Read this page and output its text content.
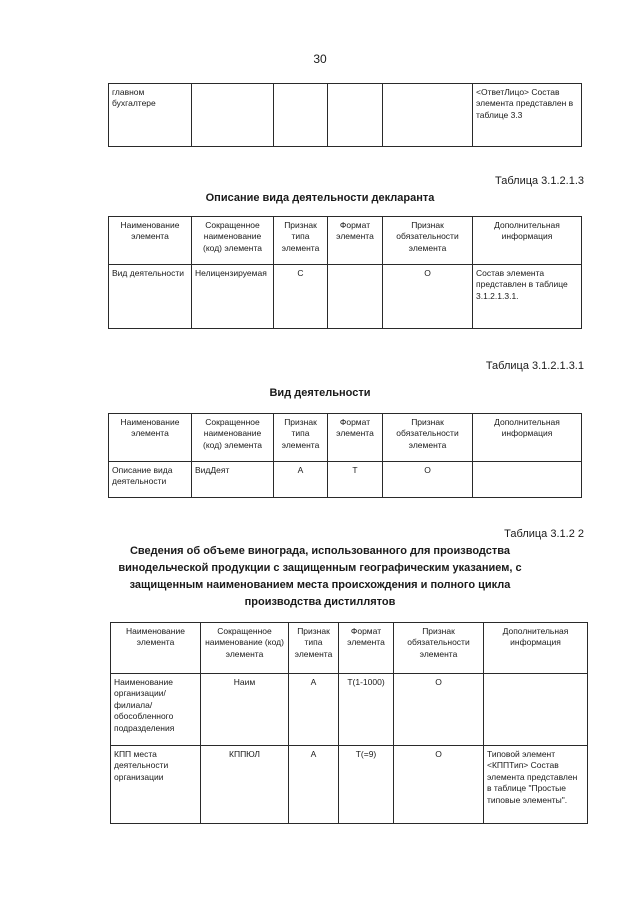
30
главном бухгалтере					<ОтветЛицо> Состав элемента представлен в таблице 3.3
Таблица 3.1.2.1.3
Описание вида деятельности декларанта
Наименование элемента	Сокращенное наименование (код) элемента	Признак типа элемента	Формат элемента	Признак обязательности элемента	Дополнительная информация
Вид деятельности	Нелицензируемая	С		О	Состав элемента представлен в таблице 3.1.2.1.3.1.
Таблица 3.1.2.1.3.1
Вид деятельности
Наименование элемента	Сокращенное наименование (код) элемента	Признак типа элемента	Формат элемента	Признак обязательности элемента	Дополнительная информация
Описание вида деятельности	ВидДеят	А	Т	О	
Таблица 3.1.2 2
Сведения об объеме винограда, использованного для производства винодельческой продукции с защищенным географическим указанием, с защищенным наименованием места происхождения и полного цикла производства дистиллятов
Наименование элемента	Сокращенное наименование (код) элемента	Признак типа элемента	Формат элемента	Признак обязательности элемента	Дополнительная информация
Наименование организации/ филиала/ обособленного подразделения	Наим	А	Т(1-1000)	О	
КПП места деятельности организации	КППЮЛ	А	Т(=9)	О	Типовой элемент <КППТип> Состав элемента представлен в таблице "Простые типовые элементы".
